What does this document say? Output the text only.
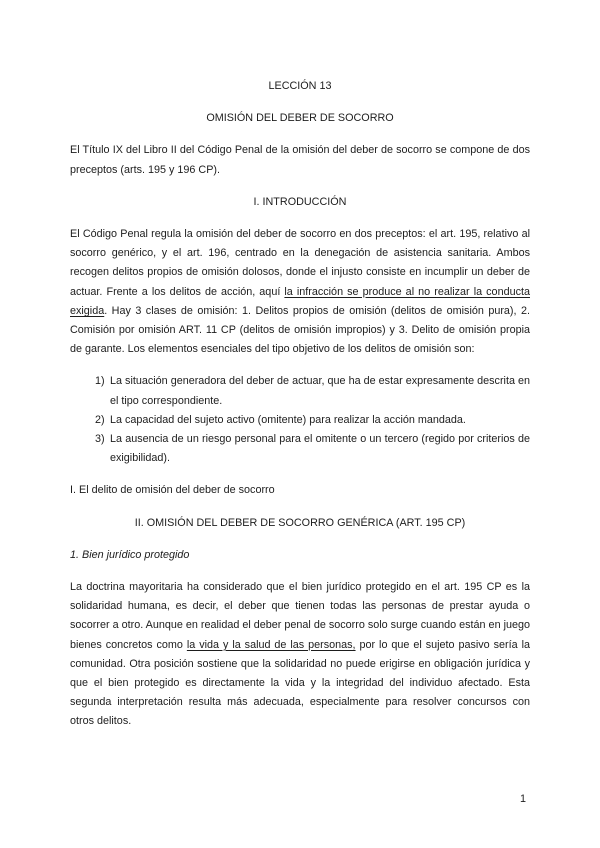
LECCIÓN 13
OMISIÓN DEL DEBER DE SOCORRO

El Título IX del Libro II del Código Penal de la omisión del deber de socorro se compone de dos preceptos (arts. 195 y 196 CP).

I. INTRODUCCIÓN

El Código Penal regula la omisión del deber de socorro en dos preceptos: el art. 195, relativo al socorro genérico, y el art. 196, centrado en la denegación de asistencia sanitaria. Ambos recogen delitos propios de omisión dolosos, donde el injusto consiste en incumplir un deber de actuar. Frente a los delitos de acción, aquí la infracción se produce al no realizar la conducta exigida. Hay 3 clases de omisión: 1. Delitos propios de omisión (delitos de omisión pura), 2. Comisión por omisión ART. 11 CP (delitos de omisión impropios) y 3. Delito de omisión propia de garante. Los elementos esenciales del tipo objetivo de los delitos de omisión son:

1) La situación generadora del deber de actuar, que ha de estar expresamente descrita en el tipo correspondiente.
2) La capacidad del sujeto activo (omitente) para realizar la acción mandada.
3) La ausencia de un riesgo personal para el omitente o un tercero (regido por criterios de exigibilidad).
I. El delito de omisión del deber de socorro
II. OMISIÓN DEL DEBER DE SOCORRO GENÉRICA (ART. 195 CP)
1. Bien jurídico protegido

La doctrina mayoritaria ha considerado que el bien jurídico protegido en el art. 195 CP es la solidaridad humana, es decir, el deber que tienen todas las personas de prestar ayuda o socorrer a otro. Aunque en realidad el deber penal de socorro solo surge cuando están en juego bienes concretos como la vida y la salud de las personas, por lo que el sujeto pasivo sería la comunidad. Otra posición sostiene que la solidaridad no puede erigirse en obligación jurídica y que el bien protegido es directamente la vida y la integridad del individuo afectado. Esta segunda interpretación resulta más adecuada, especialmente para resolver concursos con otros delitos.

1
